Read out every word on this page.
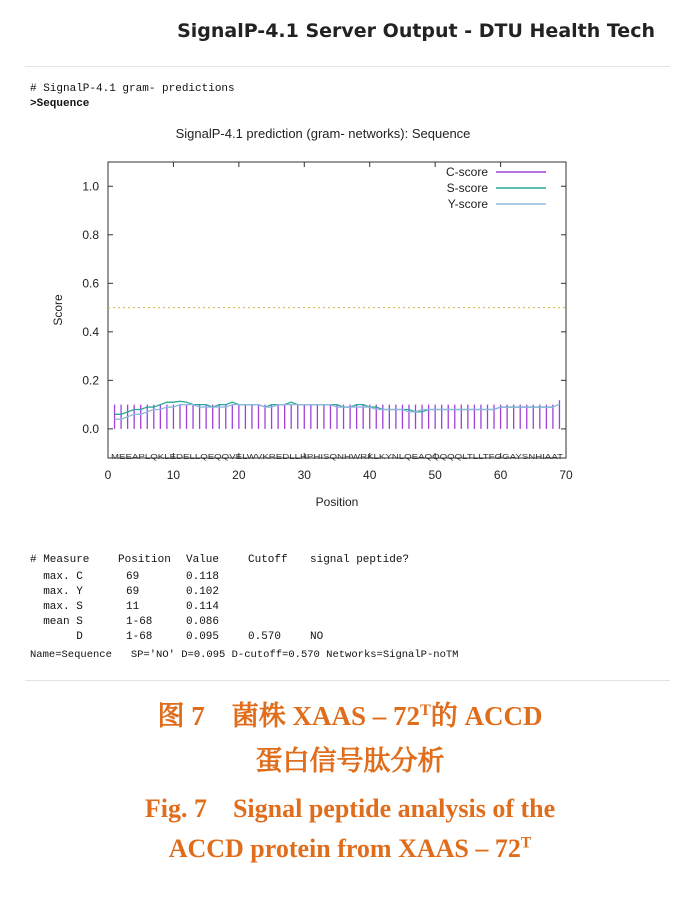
SignalP-4.1 Server Output - DTU Health Tech
# SignalP-4.1 gram- predictions
>Sequence
SignalP-4.1 prediction (gram- networks): Sequence
0.0
0.2
0.4
0.6
0.8
1.0
0	10	20	30	40	50	60	70
Position
Score
MEEAPLQKLEDELLQEQQVELWVKREDLLHPHISQNHWRKLKYNLQEAQQQQQLTLLTFGGAYSNHIAAT
C-score
S-score
Y-score
# Measure	Position Value	Cutoff signal peptide?
max. C	69	0.118
max. Y	69	0.102
max. S	11	0.114
mean S	1-68	0.086
D	1-68	0.095	0.570	NO
Name=Sequence   SP='NO' D=0.095 D-cutoff=0.570 Networks=SignalP-noTM
图 7　菌株 XAAS – $72^T$的 ACCD
蛋白信号肽分析
Fig. 7　Signal peptide analysis of the
ACCD protein from XAAS – $72^T$
